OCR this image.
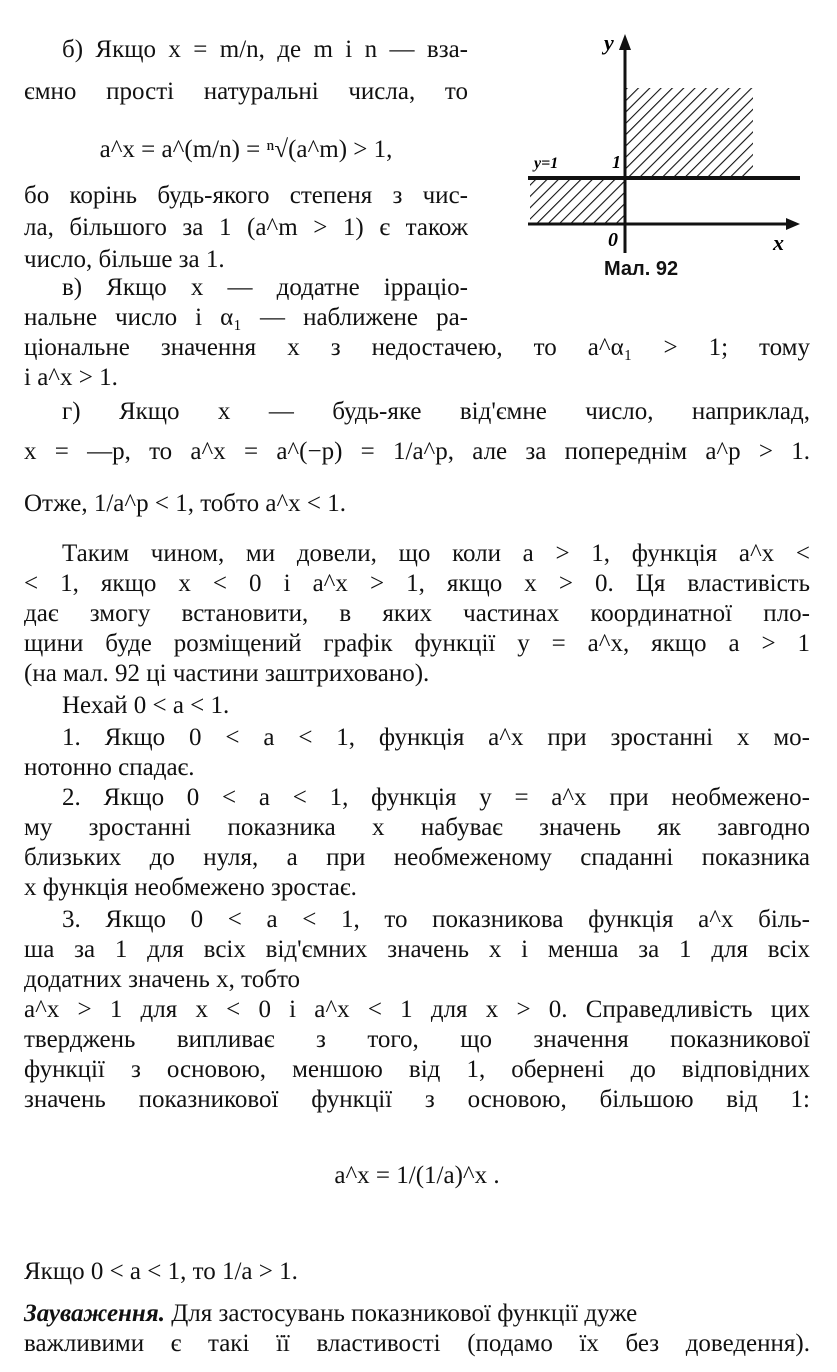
y
x
0
1
y=1
Мал. 92
б) Якщо x = m/n, де m і n — вза-
ємно прості натуральні числа, то
a^x = a^(m/n) = ⁿ√(a^m) > 1,
бо корінь будь-якого степеня з чис-
ла, більшого за 1 (a^m > 1) є також
число, більше за 1.
в) Якщо x — додатне ірраціо-
нальне число і α₁ — наближене ра-
ціональне значення x з недостачею, то a^α₁ > 1; тому
і a^x > 1.
г) Якщо x — будь-яке від'ємне число, наприклад,
x = —p, то a^x = a^(−p) = 1/a^p, але за попереднім a^p > 1.
Отже, 1/a^p < 1, тобто a^x < 1.
Таким чином, ми довели, що коли a > 1, функція a^x <
< 1, якщо x < 0 і a^x > 1, якщо x > 0. Ця властивість
дає змогу встановити, в яких частинах координатної пло-
щини буде розміщений графік функції y = a^x, якщо a > 1
(на мал. 92 ці частини заштриховано).
Нехай 0 < a < 1.
1. Якщо 0 < a < 1, функція a^x при зростанні x мо-
нотонно спадає.
2. Якщо 0 < a < 1, функція y = a^x при необмежено-
му зростанні показника x набуває значень як завгодно
близьких до нуля, а при необмеженому спаданні показника
x функція необмежено зростає.
3. Якщо 0 < a < 1, то показникова функція a^x біль-
ша за 1 для всіх від'ємних значень x і менша за 1 для всіх
додатних значень x, тобто
a^x > 1 для x < 0 і a^x < 1 для x > 0. Справедливість цих
тверджень випливає з того, що значення показникової
функції з основою, меншою від 1, обернені до відповідних
значень показникової функції з основою, більшою від 1:
a^x = 1/(1/a)^x .
Якщо 0 < a < 1, то 1/a > 1.
Зауваження. Для застосувань показникової функції дуже
важливими є такі її властивості (подамо їх без доведення).
